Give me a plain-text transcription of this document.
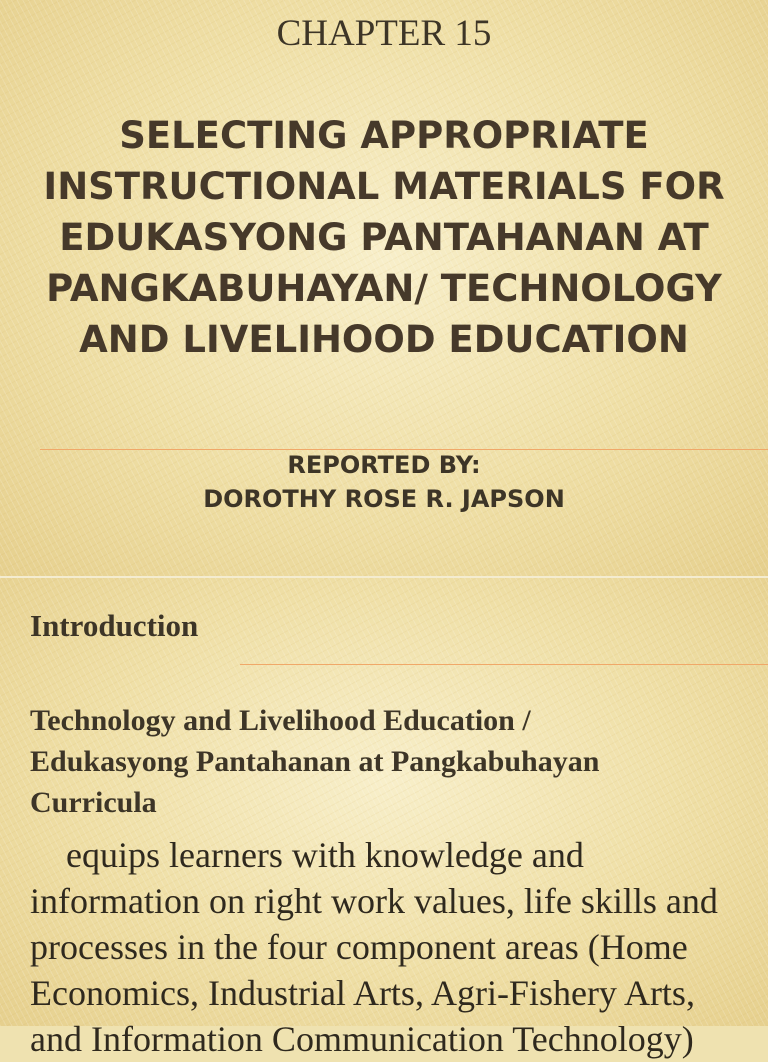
CHAPTER 15
SELECTING APPROPRIATE
INSTRUCTIONAL MATERIALS FOR
EDUKASYONG PANTAHANAN AT
PANGKABUHAYAN/ TECHNOLOGY
AND LIVELIHOOD EDUCATION
REPORTED BY:
DOROTHY ROSE R. JAPSON
Introduction
Technology and Livelihood Education /
Edukasyong Pantahanan at Pangkabuhayan
Curricula
equips learners with knowledge and information on right work values, life skills and processes in the four component areas (Home Economics, Industrial Arts, Agri-Fishery Arts, and Information Communication Technology)
